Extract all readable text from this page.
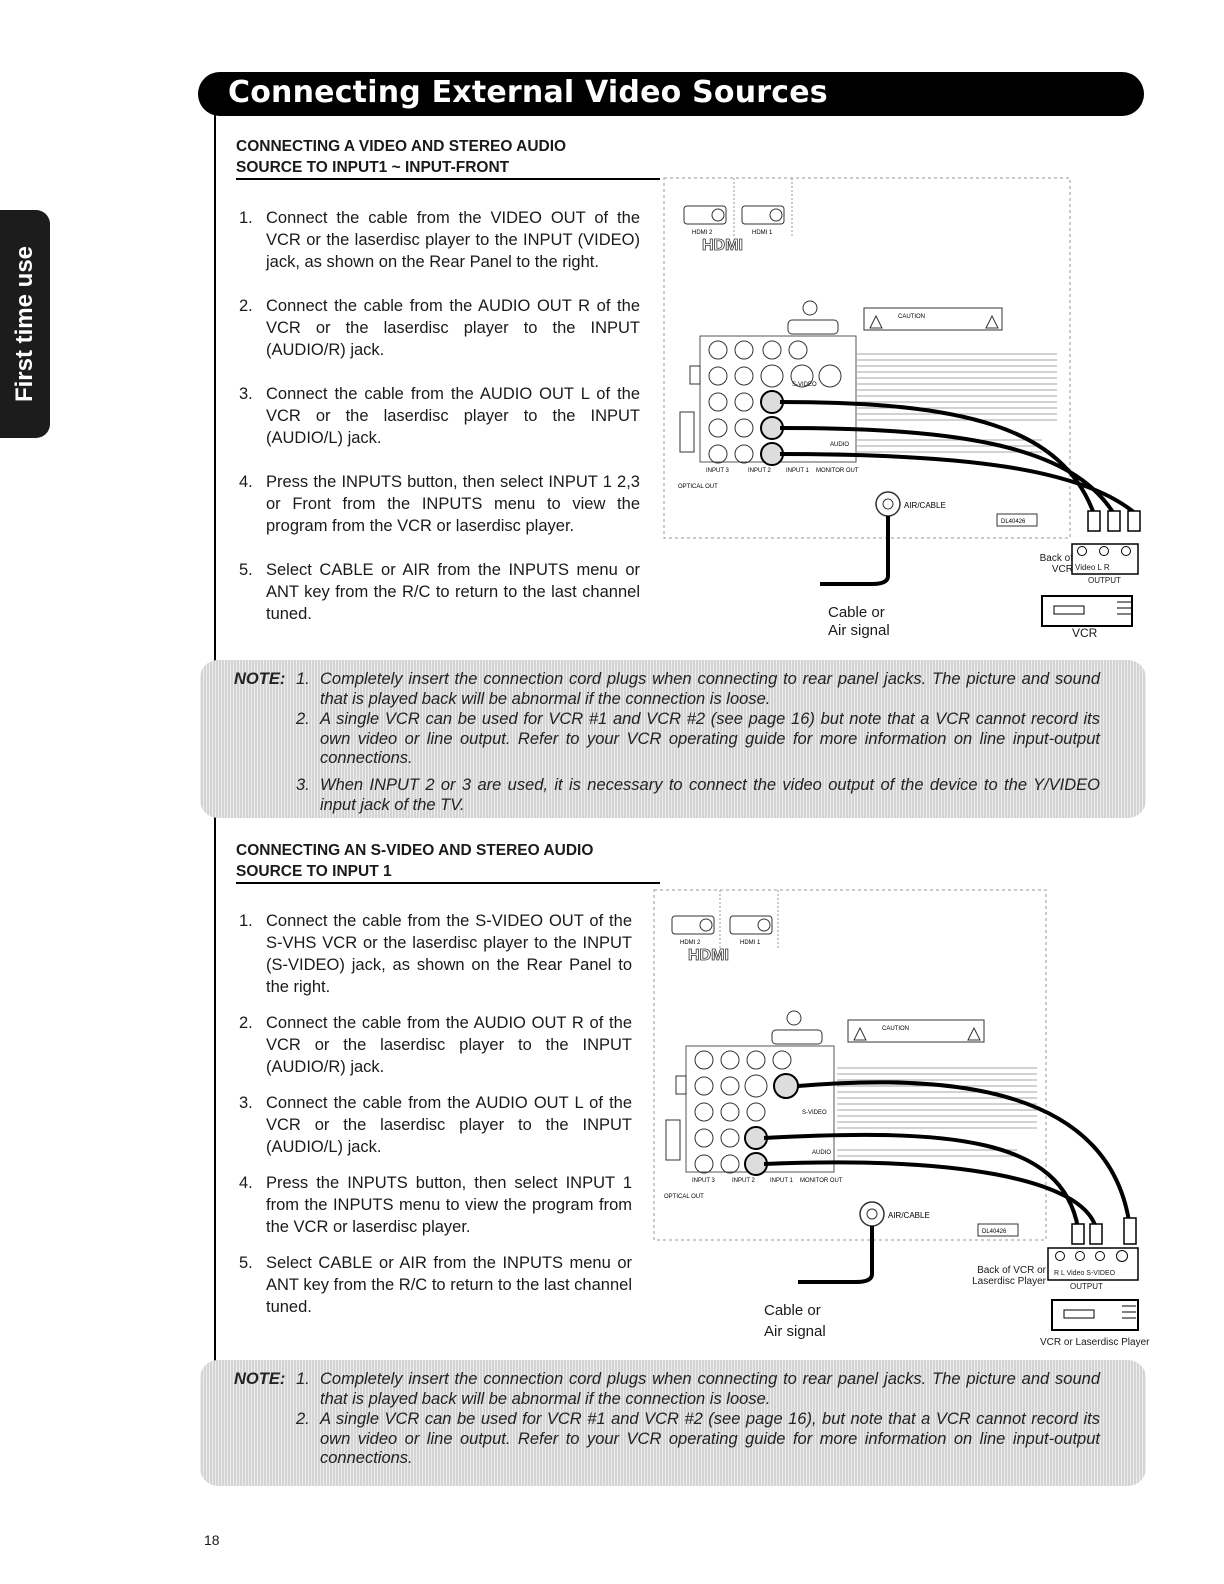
Connecting External Video Sources
First time use
CONNECTING A VIDEO AND STEREO AUDIO
SOURCE TO INPUT1 ~ INPUT-FRONT
1. Connect the cable from the VIDEO OUT of the VCR or the laserdisc player to the INPUT (VIDEO) jack, as shown on the Rear Panel to the right.
2. Connect the cable from the AUDIO OUT R of the VCR or the laserdisc player to the INPUT (AUDIO/R) jack.
3. Connect the cable from the AUDIO OUT L of the VCR or the laserdisc player to the INPUT (AUDIO/L) jack.
4. Press the INPUTS button, then select INPUT 1 2,3 or Front from the INPUTS menu to view the program from the VCR or laserdisc player.
5. Select CABLE or AIR from the INPUTS menu or ANT key from the R/C to return to the last channel tuned.
HDMI 2	HDMI 1
HDMI
CAUTION
S-VIDEO
AUDIO
INPUT 3	INPUT 2	INPUT 1 MONITOR OUT
OPTICAL OUT
AIR/CABLE
DL40426
Back of
VCR Video L R
OUTPUT
Cable or
Air signal	VCR
NOTE: 1. Completely insert the connection cord plugs when connecting to rear panel jacks. The picture and sound that is played back will be abnormal if the connection is loose.
2. A single VCR can be used for VCR #1 and VCR #2 (see page 16) but note that a VCR cannot record its own video or line output. Refer to your VCR operating guide for more information on line input-output connections.
3. When INPUT 2 or 3 are used, it is necessary to connect the video output of the device to the Y/VIDEO input jack of the TV.
CONNECTING AN S-VIDEO AND STEREO AUDIO
SOURCE TO INPUT 1
1. Connect the cable from the S-VIDEO OUT of the S-VHS VCR or the laserdisc player to the INPUT (S-VIDEO) jack, as shown on the Rear Panel to the right.
2. Connect the cable from the AUDIO OUT R of the VCR or the laserdisc player to the INPUT (AUDIO/R) jack.
3. Connect the cable from the AUDIO OUT L of the VCR or the laserdisc player to the INPUT (AUDIO/L) jack.
4. Press the INPUTS button, then select INPUT 1 from the INPUTS menu to view the program from the VCR or laserdisc player.
5. Select CABLE or AIR from the INPUTS menu or ANT key from the R/C to return to the last channel tuned.
HDMI 2	HDMI 1
HDMI
CAUTION
S-VIDEO
AUDIO
INPUT 3	INPUT 2	INPUT 1 MONITOR OUT
OPTICAL OUT
AIR/CABLE
DL40426
Back of VCR or
Laserdisc Player
R L Video S-VIDEO
OUTPUT
Cable or
Air signal
VCR or Laserdisc Player
NOTE: 1. Completely insert the connection cord plugs when connecting to rear panel jacks. The picture and sound that is played back will be abnormal if the connection is loose.
2. A single VCR can be used for VCR #1 and VCR #2 (see page 16), but note that a VCR cannot record its own video or line output. Refer to your VCR operating guide for more information on line input-output connections.
18
